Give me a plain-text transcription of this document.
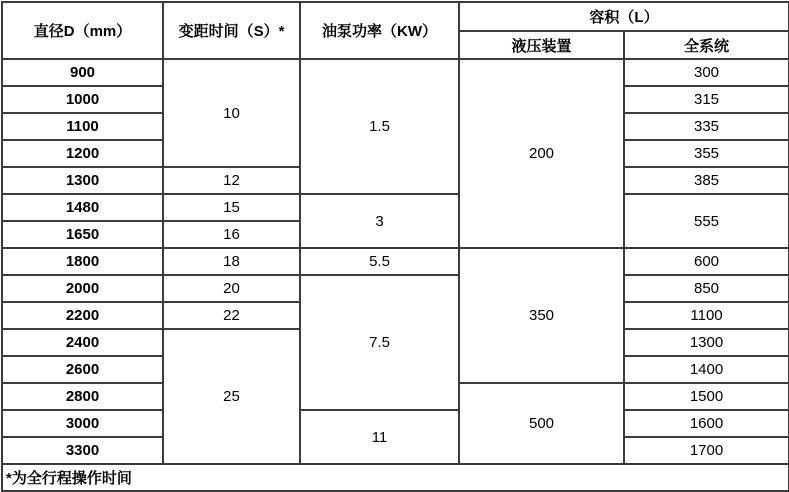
直径D（mm）	变距时间（S）*	油泵功率（KW）	容积（L）	
			液压装置	全系统
900	10	1.5	200	300
1000				315
1100				335
1200				355
1300	12			385
1480	15	3		555
1650	16			
1800	18	5.5	350	600
2000	20	7.5		850
2200	22			1100
2400	25			1300
2600				1400
2800			500	1500
3000		11		1600
3300				1700
*为全行程操作时间				
